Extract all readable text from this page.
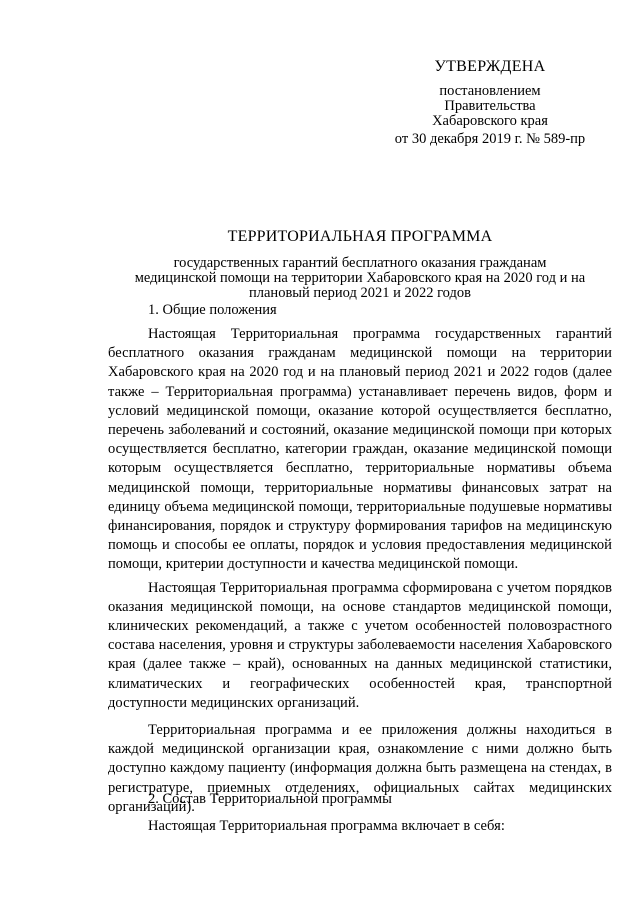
УТВЕРЖДЕНА
постановлением
Правительства
Хабаровского края
от 30 декабря 2019 г. № 589-пр
ТЕРРИТОРИАЛЬНАЯ ПРОГРАММА
государственных гарантий бесплатного оказания гражданам
медицинской помощи на территории Хабаровского края на 2020 год и на
плановый период 2021 и 2022 годов
1. Общие положения

Настоящая Территориальная программа государственных гарантий бесплатного оказания гражданам медицинской помощи на территории Хабаровского края на 2020 год и на плановый период 2021 и 2022 годов (далее также – Территориальная программа) устанавливает перечень видов, форм и условий медицинской помощи, оказание которой осуществляется бесплатно, перечень заболеваний и состояний, оказание медицинской помощи при которых осуществляется бесплатно, категории граждан, оказание медицинской помощи которым осуществляется бесплатно, территориальные нормативы объема медицинской помощи, территориальные нормативы финансовых затрат на единицу объема медицинской помощи, территориальные подушевые нормативы финансирования, порядок и структуру формирования тарифов на медицинскую помощь и способы ее оплаты, порядок и условия предоставления медицинской помощи, критерии доступности и качества медицинской помощи.

Настоящая Территориальная программа сформирована с учетом порядков оказания медицинской помощи, на основе стандартов медицинской помощи, клинических рекомендаций, а также с учетом особенностей половозрастного состава населения, уровня и структуры заболеваемости населения Хабаровского края (далее также – край), основанных на данных медицинской статистики, климатических и географических особенностей края, транспортной доступности медицинских организаций.

Территориальная программа и ее приложения должны находиться в каждой медицинской организации края, ознакомление с ними должно быть доступно каждому пациенту (информация должна быть размещена на стендах, в регистратуре, приемных отделениях, официальных сайтах медицинских организаций).

2. Состав Территориальной программы

Настоящая Территориальная программа включает в себя:
